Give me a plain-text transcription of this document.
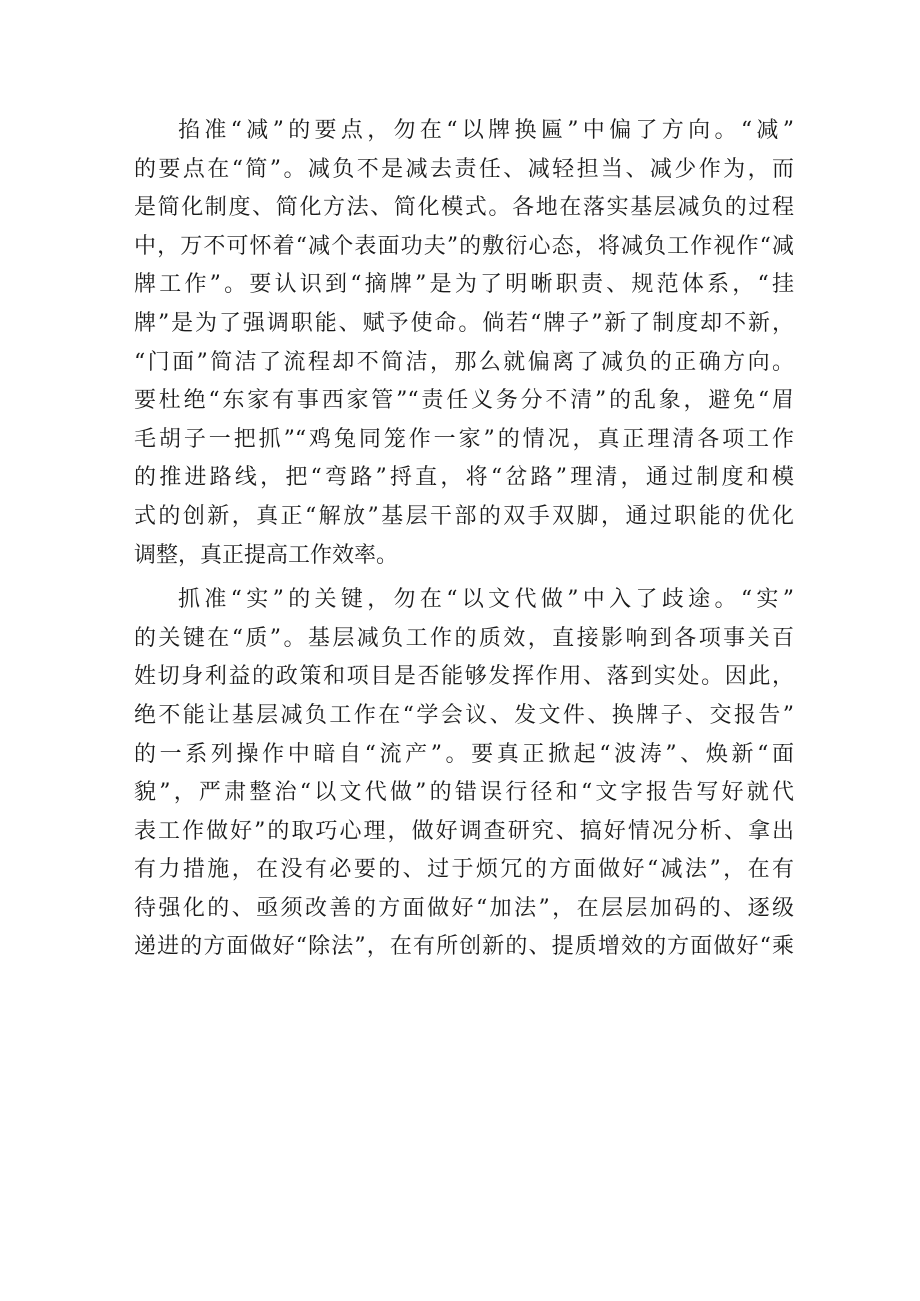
掐准“减”的要点，勿在“以牌换匾”中偏了方向。“减”
的要点在“简”。减负不是减去责任、减轻担当、减少作为，而
是简化制度、简化方法、简化模式。各地在落实基层减负的过程
中，万不可怀着“减个表面功夫”的敷衍心态，将减负工作视作“减
牌工作”。要认识到“摘牌”是为了明晰职责、规范体系，“挂
牌”是为了强调职能、赋予使命。倘若“牌子”新了制度却不新，
“门面”简洁了流程却不简洁，那么就偏离了减负的正确方向。
要杜绝“东家有事西家管”“责任义务分不清”的乱象，避免“眉
毛胡子一把抓”“鸡兔同笼作一家”的情况，真正理清各项工作
的推进路线，把“弯路”捋直，将“岔路”理清，通过制度和模
式的创新，真正“解放”基层干部的双手双脚，通过职能的优化
调整，真正提高工作效率。
抓准“实”的关键，勿在“以文代做”中入了歧途。“实”
的关键在“质”。基层减负工作的质效，直接影响到各项事关百
姓切身利益的政策和项目是否能够发挥作用、落到实处。因此，
绝不能让基层减负工作在“学会议、发文件、换牌子、交报告”
的一系列操作中暗自“流产”。要真正掀起“波涛”、焕新“面
貌”，严肃整治“以文代做”的错误行径和“文字报告写好就代
表工作做好”的取巧心理，做好调查研究、搞好情况分析、拿出
有力措施，在没有必要的、过于烦冗的方面做好“减法”，在有
待强化的、亟须改善的方面做好“加法”，在层层加码的、逐级
递进的方面做好“除法”，在有所创新的、提质增效的方面做好“乘
